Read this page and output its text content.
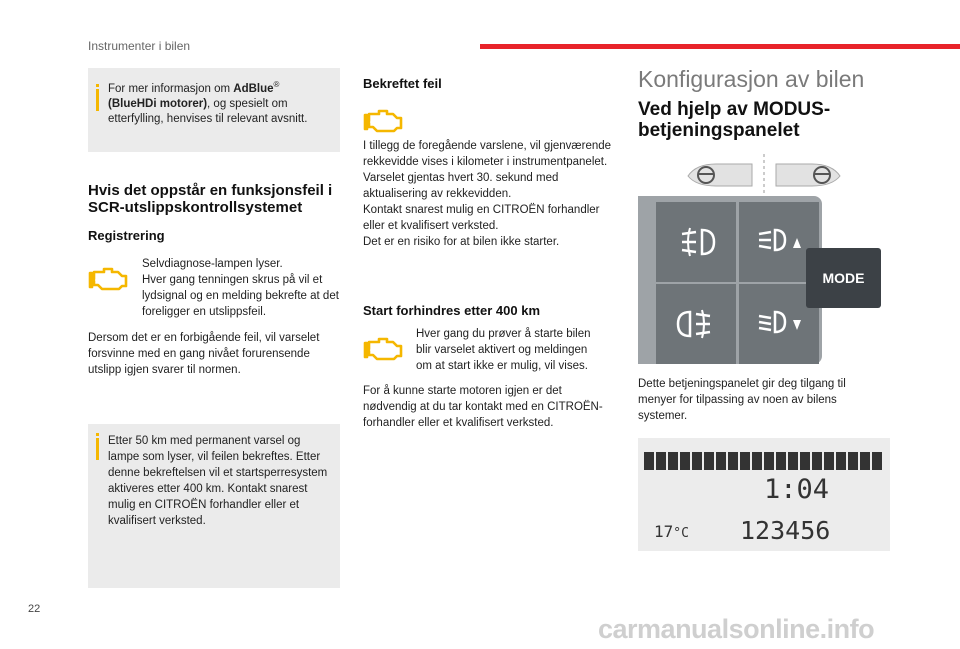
Instrumenter i bilen
For mer informasjon om AdBlue®
(BlueHDi motorer), og spesielt om etterfylling, henvises til relevant avsnitt.
Hvis det oppstår en funksjonsfeil i SCR-utslippskontrollsystemet
Registrering
Selvdiagnose-lampen lyser.
Hver gang tenningen skrus på vil et lydsignal og en melding bekrefte at det foreligger en utslippsfeil.
Dersom det er en forbigående feil, vil varselet forsvinne med en gang nivået forurensende utslipp igjen svarer til normen.
Etter 50 km med permanent varsel og lampe som lyser, vil feilen bekreftes. Etter denne bekreftelsen vil et startsperresystem aktiveres etter 400 km. Kontakt snarest mulig en CITROËN forhandler eller et kvalifisert verksted.
Bekreftet feil
I tillegg de foregående varslene, vil gjenværende rekkevidde vises i kilometer i instrumentpanelet.
Varselet gjentas hvert 30. sekund med aktualisering av rekkevidden.
Kontakt snarest mulig en CITROËN forhandler eller et kvalifisert verksted.
Det er en risiko for at bilen ikke starter.
Start forhindres etter 400 km
Hver gang du prøver å starte bilen blir varselet aktivert og meldingen om at start ikke er mulig, vil vises.
For å kunne starte motoren igjen er det nødvendig at du tar kontakt med en CITROËN-forhandler eller et kvalifisert verksted.
Konfigurasjon av bilen
Ved hjelp av MODUS-betjeningspanelet
MODE
Dette betjeningspanelet gir deg tilgang til menyer for tilpassing av noen av bilens systemer.
1:04
17°C 123456
22
carmanualsonline.info
